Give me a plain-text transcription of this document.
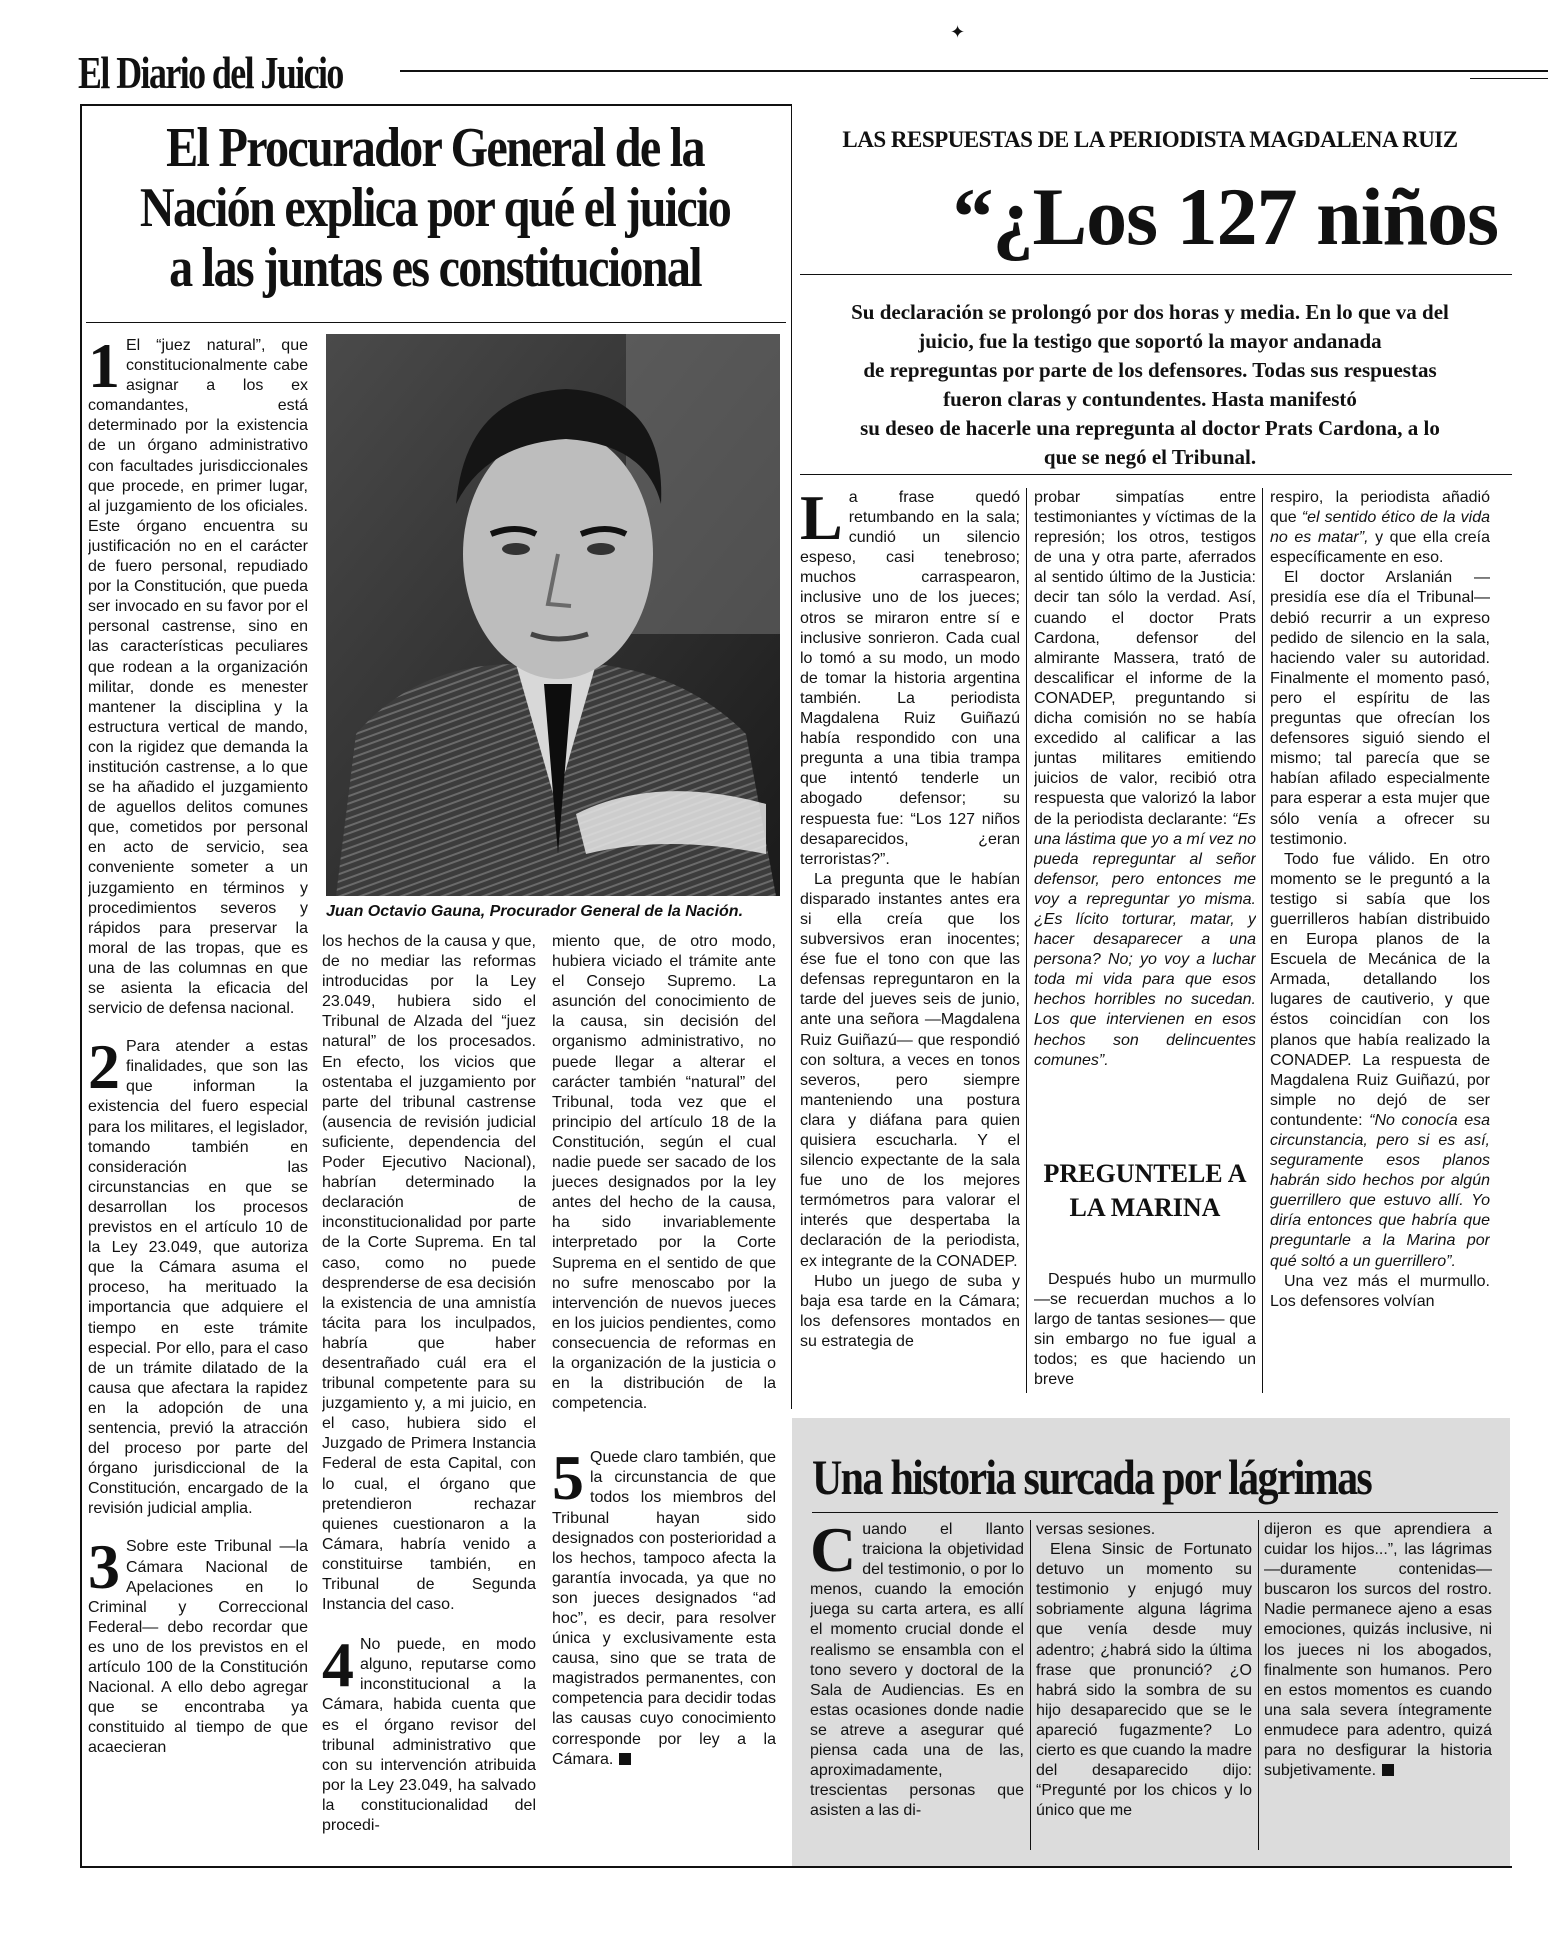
✦
El Diario del Juicio
El Procurador General de la
Nación explica por qué el juicio
a las juntas es constitucional
Juan Octavio Gauna, Procurador General de la Nación.

1 El “juez natural”, que constitucionalmente cabe asignar a los ex comandantes, está determinado por la existencia de un órgano administrativo con facultades jurisdiccionales que procede, en primer lugar, al juzgamiento de los oficiales. Este órgano encuentra su justificación no en el carácter de fuero personal, repudiado por la Constitución, que pueda ser invocado en su favor por el personal castrense, sino en las características peculiares que rodean a la organización militar, donde es menester mantener la disciplina y la estructura vertical de mando, con la rigidez que demanda la institución castrense, a lo que se ha añadido el juzgamiento de aguellos delitos comunes que, cometidos por personal en acto de servicio, sea conveniente someter a un juzgamiento en términos y procedimientos severos y rápidos para preservar la moral de las tropas, que es una de las columnas en que se asienta la eficacia del servicio de defensa nacional.

2 Para atender a estas finalidades, que son las que informan la existencia del fuero especial para los militares, el legislador, tomando también en consideración las circunstancias en que se desarrollan los procesos previstos en el artículo 10 de la Ley 23.049, que autoriza que la Cámara asuma el proceso, ha merituado la importancia que adquiere el tiempo en este trámite especial. Por ello, para el caso de un trámite dilatado de la causa que afectara la rapidez en la adopción de una sentencia, previó la atracción del proceso por parte del órgano jurisdiccional de la Constitución, encargado de la revisión judicial amplia.

3 Sobre este Tribunal —la Cámara Nacional de Apelaciones en lo Criminal y Correccional Federal— debo recordar que es uno de los previstos en el artículo 100 de la Constitución Nacional. A ello debo agregar que se encontraba ya constituido al tiempo de que acaecieran

los hechos de la causa y que, de no mediar las reformas introducidas por la Ley 23.049, hubiera sido el Tribunal de Alzada del “juez natural” de los procesados. En efecto, los vicios que ostentaba el juzgamiento por parte del tribunal castrense (ausencia de revisión judicial suficiente, dependencia del Poder Ejecutivo Nacional), habrían determinado la declaración de inconstitucionalidad por parte de la Corte Suprema. En tal caso, como no puede desprenderse de esa decisión la existencia de una amnistía tácita para los inculpados, habría que haber desentrañado cuál era el tribunal competente para su juzgamiento y, a mi juicio, en el caso, hubiera sido el Juzgado de Primera Instancia Federal de esta Capital, con lo cual, el órgano que pretendieron rechazar quienes cuestionaron a la Cámara, habría venido a constituirse también, en Tribunal de Segunda Instancia del caso.

4 No puede, en modo alguno, reputarse como inconstitucional a la Cámara, habida cuenta que es el órgano revisor del tribunal administrativo que con su intervención atribuida por la Ley 23.049, ha salvado la constitucionalidad del procedi-

miento que, de otro modo, hubiera viciado el trámite ante el Consejo Supremo. La asunción del conocimiento de la causa, sin decisión del organismo administrativo, no puede llegar a alterar el carácter también “natural” del Tribunal, toda vez que el principio del artículo 18 de la Constitución, según el cual nadie puede ser sacado de los jueces designados por la ley antes del hecho de la causa, ha sido invariablemente interpretado por la Corte Suprema en el sentido de que no sufre menoscabo por la intervención de nuevos jueces en los juicios pendientes, como consecuencia de reformas en la organización de la justicia o en la distribución de la competencia.

5 Quede claro también, que la circunstancia de que todos los miembros del Tribunal hayan sido designados con posterioridad a los hechos, tampoco afecta la garantía invocada, ya que no son jueces designados “ad hoc”, es decir, para resolver única y exclusivamente esta causa, sino que se trata de magistrados permanentes, con competencia para decidir todas las causas cuyo conocimiento corresponde por ley a la Cámara.

LAS RESPUESTAS DE LA PERIODISTA MAGDALENA RUIZ
“¿Los 127 niños
Su declaración se prolongó por dos horas y media. En lo que va del
juicio, fue la testigo que soportó la mayor andanada
de repreguntas por parte de los defensores. Todas sus respuestas
fueron claras y contundentes. Hasta manifestó
su deseo de hacerle una repregunta al doctor Prats Cardona, a lo
que se negó el Tribunal.

La frase quedó retumbando en la sala; cundió un silencio espeso, casi tenebroso; muchos carraspearon, inclusive uno de los jueces; otros se miraron entre sí e inclusive sonrieron. Cada cual lo tomó a su modo, un modo de tomar la historia argentina también. La periodista Magdalena Ruiz Guiñazú había respondido con una pregunta a una tibia trampa que intentó tenderle un abogado defensor; su respuesta fue: “Los 127 niños desaparecidos, ¿eran terroristas?”.

La pregunta que le habían disparado instantes antes era si ella creía que los subversivos eran inocentes; ése fue el tono con que las defensas repreguntaron en la tarde del jueves seis de junio, ante una señora —Magdalena Ruiz Guiñazú— que respondió con soltura, a veces en tonos severos, pero siempre manteniendo una postura clara y diáfana para quien quisiera escucharla. Y el silencio expectante de la sala fue uno de los mejores termómetros para valorar el interés que despertaba la declaración de la periodista, ex integrante de la CONADEP.

Hubo un juego de suba y baja esa tarde en la Cámara; los defensores montados en su estrategia de

probar simpatías entre testimoniantes y víctimas de la represión; los otros, testigos de una y otra parte, aferrados al sentido último de la Justicia: decir tan sólo la verdad. Así, cuando el doctor Prats Cardona, defensor del almirante Massera, trató de descalificar el informe de la CONADEP, preguntando si dicha comisión no se había excedido al calificar a las juntas militares emitiendo juicios de valor, recibió otra respuesta que valorizó la labor de la periodista declarante: “Es una lástima que yo a mí vez no pueda repreguntar al señor defensor, pero entonces me voy a repreguntar yo misma. ¿Es lícito torturar, matar, y hacer desaparecer a una persona? No; yo voy a luchar toda mi vida para que esos hechos horribles no sucedan. Los que intervienen en esos hechos son delincuentes comunes”.

PREGUNTELE A LA MARINA

Después hubo un murmullo —se recuerdan muchos a lo largo de tantas sesiones— que sin embargo no fue igual a todos; es que haciendo un breve

respiro, la periodista añadió que “el sentido ético de la vida no es matar”, y que ella creía específicamente en eso.

El doctor Arslanián —presidía ese día el Tribunal— debió recurrir a un expreso pedido de silencio en la sala, haciendo valer su autoridad. Finalmente el momento pasó, pero el espíritu de las preguntas que ofrecían los defensores siguió siendo el mismo; tal parecía que se habían afilado especialmente para esperar a esta mujer que sólo venía a ofrecer su testimonio.

Todo fue válido. En otro momento se le preguntó a la testigo si sabía que los guerrilleros habían distribuido en Europa planos de la Escuela de Mecánica de la Armada, detallando los lugares de cautiverio, y que éstos coincidían con los planos que había realizado la CONADEP. La respuesta de Magdalena Ruiz Guiñazú, por simple no dejó de ser contundente: “No conocía esa circunstancia, pero si es así, seguramente esos planos habrán sido hechos por algún guerrillero que estuvo allí. Yo diría entonces que habría que preguntarle a la Marina por qué soltó a un guerrillero”.

Una vez más el murmullo. Los defensores volvían

Una historia surcada por lágrimas

Cuando el llanto traiciona la objetividad del testimonio, o por lo menos, cuando la emoción juega su carta artera, es allí el momento crucial donde el realismo se ensambla con el tono severo y doctoral de la Sala de Audiencias. Es en estas ocasiones donde nadie se atreve a asegurar qué piensa cada una de las, aproximadamente, trescientas personas que asisten a las di-

versas sesiones.

Elena Sinsic de Fortunato detuvo un momento su testimonio y enjugó muy sobriamente alguna lágrima que venía desde muy adentro; ¿habrá sido la última frase que pronunció? ¿O habrá sido la sombra de su hijo desaparecido que se le apareció fugazmente? Lo cierto es que cuando la madre del desaparecido dijo: “Pregunté por los chicos y lo único que me

dijeron es que aprendiera a cuidar los hijos...”, las lágrimas —duramente contenidas— buscaron los surcos del rostro. Nadie permanece ajeno a esas emociones, quizás inclusive, ni los jueces ni los abogados, finalmente son humanos. Pero en estos momentos es cuando una sala severa íntegramente enmudece para adentro, quizá para no desfigurar la historia subjetivamente.
